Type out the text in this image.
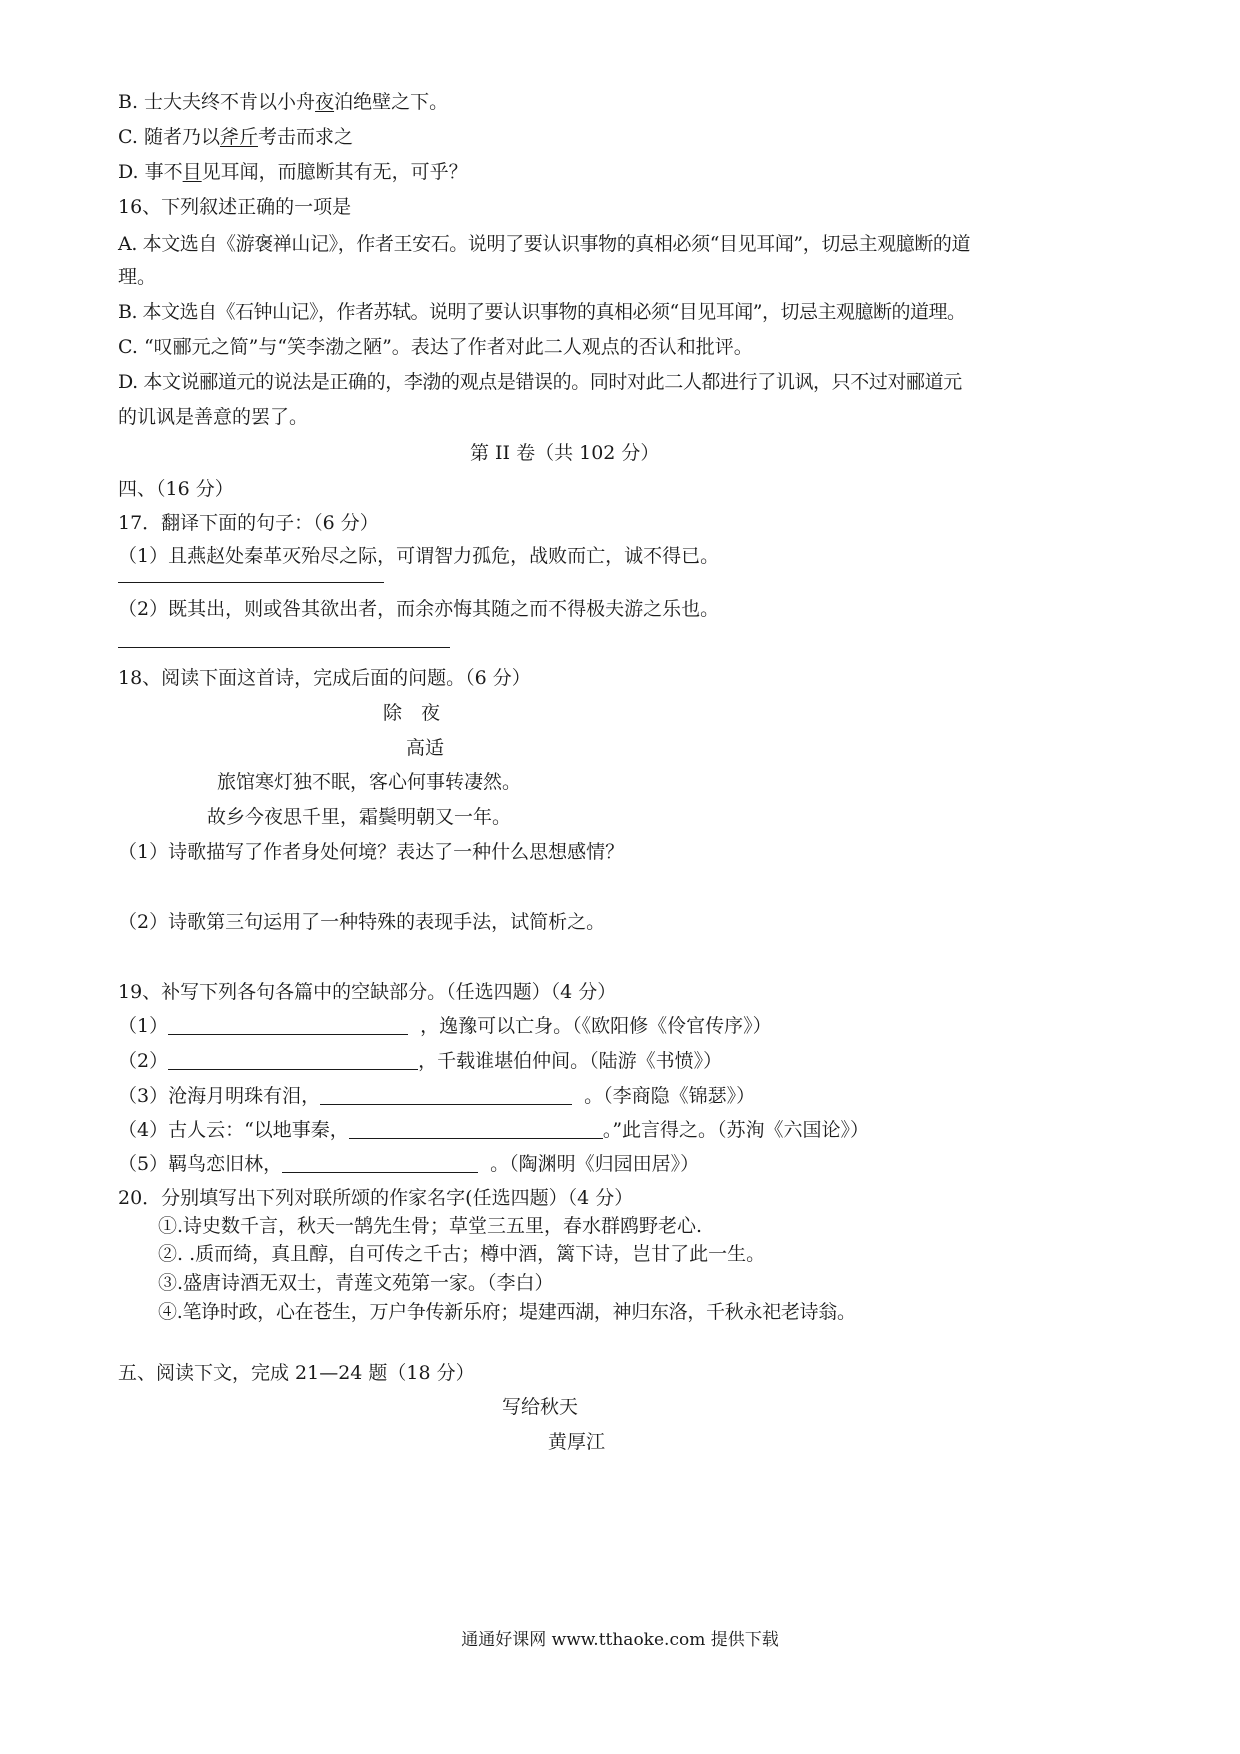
B. 士大夫终不肯以小舟夜泊绝壁之下。
C. 随者乃以斧斤考击而求之
D. 事不目见耳闻，而臆断其有无，可乎？
16、下列叙述正确的一项是
A. 本文选自《游褒禅山记》，作者王安石。说明了要认识事物的真相必须“目见耳闻”，切忌主观臆断的道
理。
B. 本文选自《石钟山记》，作者苏轼。说明了要认识事物的真相必须“目见耳闻”，切忌主观臆断的道理。
C. “叹郦元之简”与“笑李渤之陋”。表达了作者对此二人观点的否认和批评。
D. 本文说郦道元的说法是正确的，李渤的观点是错误的。同时对此二人都进行了讥讽，只不过对郦道元
的讥讽是善意的罢了。
第 II 卷（共 102 分）
四、（16 分）
17．翻译下面的句子：（6 分）
（1）且燕赵处秦革灭殆尽之际，可谓智力孤危，战败而亡，诚不得已。
（2）既其出，则或咎其欲出者，而余亦悔其随之而不得极夫游之乐也。
18、阅读下面这首诗，完成后面的问题。（6 分）
除　夜
高适
旅馆寒灯独不眠，客心何事转凄然。
故乡今夜思千里，霜鬓明朝又一年。
（1）诗歌描写了作者身处何境？表达了一种什么思想感情？
（2）诗歌第三句运用了一种特殊的表现手法，试简析之。
19、补写下列各句各篇中的空缺部分。（任选四题）（4 分）
（1）	，逸豫可以亡身。（《欧阳修《伶官传序》）
（2）	，千载谁堪伯仲间。（陆游《书愤》）
（3）沧海月明珠有泪，	。（李商隐《锦瑟》）
（4）古人云：“以地事秦，	。”此言得之。（苏洵《六国论》）
（5）羁鸟恋旧林，	。（陶渊明《归园田居》）
20．分别填写出下列对联所颂的作家名字(任选四题）（4 分）
①.诗史数千言，秋天一鹄先生骨；草堂三五里，春水群鸥野老心.
②. .质而绮，真且醇，自可传之千古；樽中酒，篱下诗，岂甘了此一生。
③.盛唐诗酒无双士，青莲文苑第一家。（李白）
④.笔诤时政，心在苍生，万户争传新乐府；堤建西湖，神归东洛，千秋永祀老诗翁。
五、阅读下文，完成 21—24 题（18 分）
写给秋天
黄厚江
通通好课网 www.tthaoke.com 提供下载
